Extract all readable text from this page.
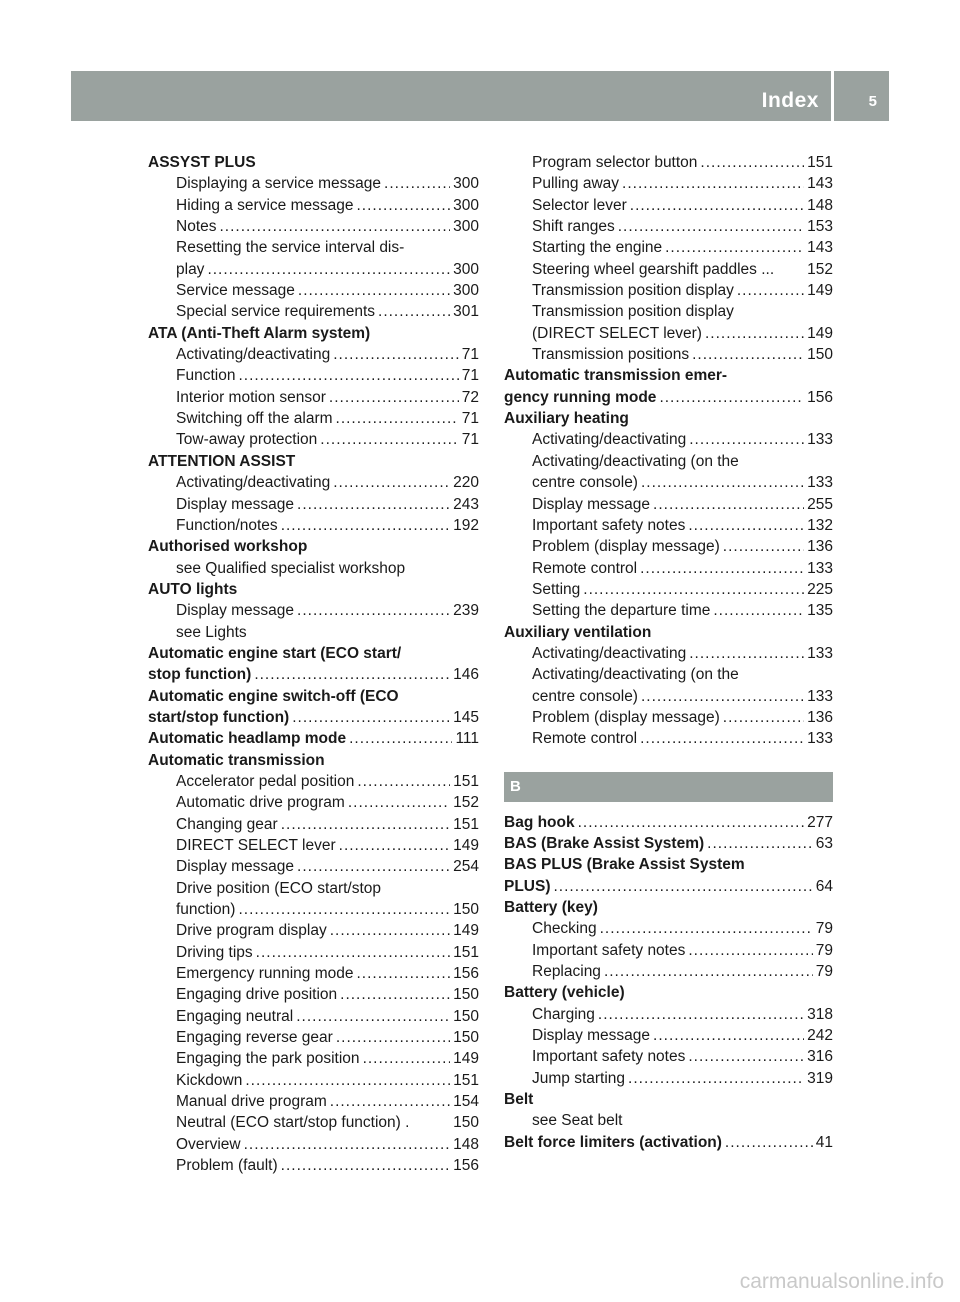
Index	5
ASSYST PLUS
Displaying a service message .....	300
Hiding a service message .....	300
Notes .....	300
Resetting the service interval dis-
play .....	300
Service message .....	300
Special service requirements .....	301
ATA (Anti-Theft Alarm system)
Activating/deactivating .....	71
Function .....	71
Interior motion sensor .....	72
Switching off the alarm .....	71
Tow-away protection .....	71
ATTENTION ASSIST
Activating/deactivating .....	220
Display message .....	243
Function/notes .....	192
Authorised workshop
see Qualified specialist workshop
AUTO lights
Display message .....	239
see Lights
Automatic engine start (ECO start/
stop function) .....	146
Automatic engine switch-off (ECO
start/stop function) .....	145
Automatic headlamp mode .....	111
Automatic transmission
Accelerator pedal position .....	151
Automatic drive program .....	152
Changing gear .....	151
DIRECT SELECT lever .....	149
Display message .....	254
Drive position (ECO start/stop
function) .....	150
Drive program display .....	149
Driving tips .....	151
Emergency running mode .....	156
Engaging drive position .....	150
Engaging neutral .....	150
Engaging reverse gear .....	150
Engaging the park position .....	149
Kickdown .....	151
Manual drive program .....	154
Neutral (ECO start/stop function) .	150
Overview .....	148
Problem (fault) .....	156
Program selector button .....	151
Pulling away .....	143
Selector lever .....	148
Shift ranges .....	153
Starting the engine .....	143
Steering wheel gearshift paddles ... 152
Transmission position display .....	149
Transmission position display
(DIRECT SELECT lever) .....	149
Transmission positions .....	150
Automatic transmission emer-
gency running mode .....	156
Auxiliary heating
Activating/deactivating .....	133
Activating/deactivating (on the
centre console) .....	133
Display message .....	255
Important safety notes .....	132
Problem (display message) .....	136
Remote control .....	133
Setting .....	225
Setting the departure time .....	135
Auxiliary ventilation
Activating/deactivating .....	133
Activating/deactivating (on the
centre console) .....	133
Problem (display message) .....	136
Remote control .....	133
B
Bag hook .....	277
BAS (Brake Assist System) .....	63
BAS PLUS (Brake Assist System
PLUS) .....	64
Battery (key)
Checking .....	79
Important safety notes .....	79
Replacing .....	79
Battery (vehicle)
Charging .....	318
Display message .....	242
Important safety notes .....	316
Jump starting .....	319
Belt
see Seat belt
Belt force limiters (activation) .....	41
carmanualsonline.info
